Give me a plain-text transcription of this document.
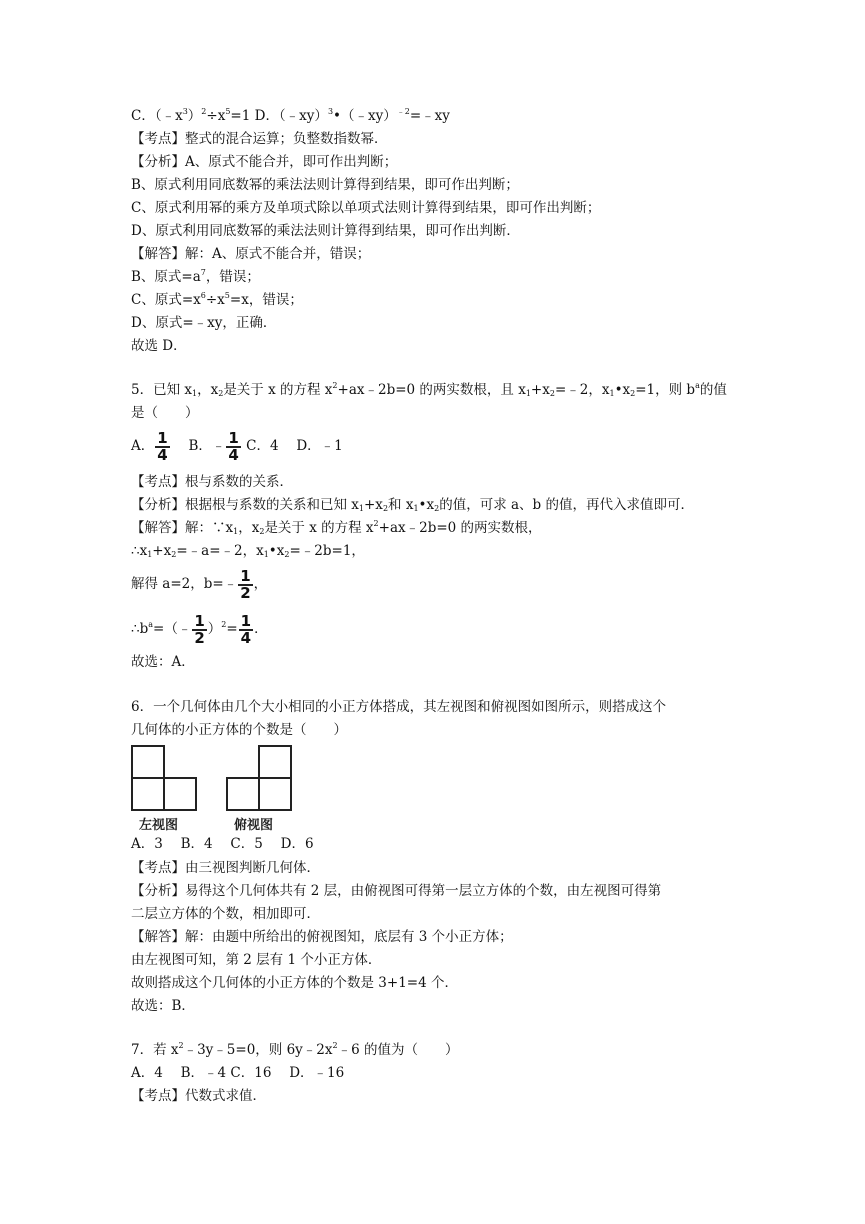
C．$(﹣x^3)^2\div x^5=1$ D．（﹣xy）$^3$•（﹣xy）$^{﹣2}$=﹣xy
【考点】整式的混合运算；负整数指数幂．
【分析】A、原式不能合并，即可作出判断；
B、原式利用同底数幂的乘法法则计算得到结果，即可作出判断；
C、原式利用幂的乘方及单项式除以单项式法则计算得到结果，即可作出判断；
D、原式利用同底数幂的乘法法则计算得到结果，即可作出判断．
【解答】解：A、原式不能合并，错误；
B、原式$=a^7$，错误；
C、原式$=x^6\div x^5=x$，错误；
D、原式=﹣xy，正确．
故选 D．
5．已知 $x_1$，$x_2$是关于 x 的方程 $x^2+ax﹣2b=0$ 的两实数根，且 $x_1+x_2=﹣2$，$x_1•x_2=1$，则 $b^a$的值
是（　　）
A． $\frac{1}{4}$
　 B．﹣ $\frac{1}{4}$ C．4　 D．﹣1
【考点】根与系数的关系．
【分析】根据根与系数的关系和已知 $x_1+x_2$和 $x_1•x_2$的值，可求 a、b 的值，再代入求值即可．
【解答】解：$\because x_1$，$x_2$是关于 x 的方程 $x^2+ax﹣2b=0$ 的两实数根，
$\therefore x_1+x_2=﹣a=﹣2$，$x_1•x_2=﹣2b=1$，
解得 a=2，b=﹣ $\frac{1}{2}$ ，
$\therefore b^a=(﹣ \frac{1}{2} )^2= \frac{1}{4}$ ．
故选：A．
6．一个几何体由几个大小相同的小正方体搭成，其左视图和俯视图如图所示，则搭成这个
几何体的小正方体的个数是（　　）
左视图	俯视图
A．3　 B．4　 C．5　 D．6
【考点】由三视图判断几何体．
【分析】易得这个几何体共有 2 层，由俯视图可得第一层立方体的个数，由左视图可得第
二层立方体的个数，相加即可．
【解答】解：由题中所给出的俯视图知，底层有 3 个小正方体；
由左视图可知，第 2 层有 1 个小正方体．
故则搭成这个几何体的小正方体的个数是 3+1=4 个．
故选：B．
7．若 $x^2﹣3y﹣5=0$，则 $6y﹣2x^2﹣6$ 的值为（　　）
A．4　 B．﹣4 C．16　 D．﹣16
【考点】代数式求值．
